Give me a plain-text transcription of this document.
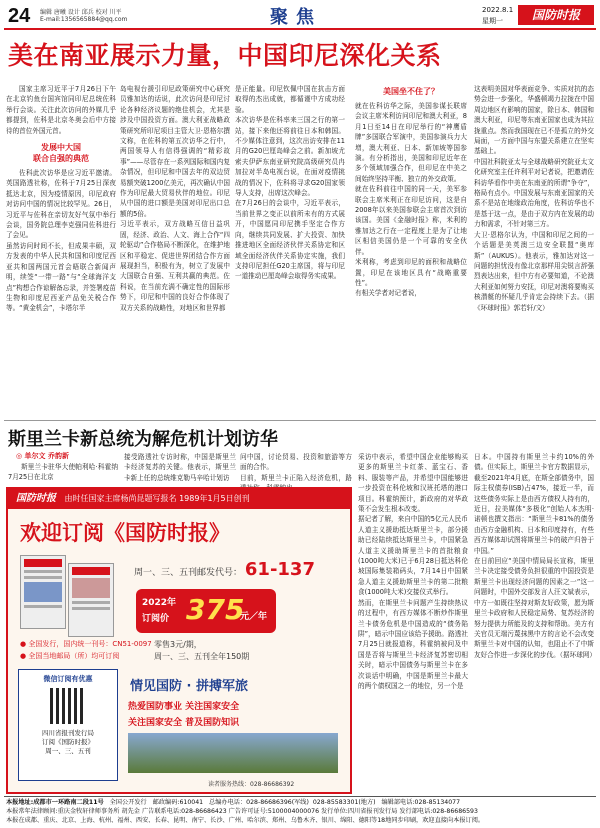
24 编辑 唐曦 设计 邱兵 校对 川平
E-mail:1356565884@qq.com	聚焦	2022.8.1
星期一	国防时报
美在南亚展示力量，中国印尼深化关系

国家主席习近平于7月26日下午在北京钓鱼台国宾馆同印尼总统佐科举行会谈。关注此次访问的外媒几乎都提到，佐科是北京冬奥会后中方接待的首位外国元首。

发展中大国
联合自强的典范

佐科此次访华是应习近平邀请。英国路透社称，佐科于7月25日深夜抵达北京，因为疫情原因，印尼政府对访问中国的情况比较罕见。26日，习近平与佐科在亲切友好气氛中举行会谈，国务院总理李克强同佐科进行了会见。
虽然访问时间不长，但成果丰硕，双方发表的中华人民共和国和印度尼西亚共和国两国元首会晤联合新闻声明，续签“一带一路”与“全球海洋支点”构想合作谅解备忘录，并签署疫苗生物和印度尼西亚产品免关税合作等。“黄金机会”，卡塔尔半

岛电视台援引印尼政策研究中心研究员雅加达的话说，此次访问是印尼讨论各种经济议题的绝佳机会，尤其是涉及中国投资方面。澳大利亚战略政策研究所印尼项目主管大卫·恩格尔撰文称，在佐科的第五次访华之行中，两国领导人有信得强调的“精彩故事”——尽管存在一系列国际和国内复杂情况，但印尼和中国去年的双边贸易额突破1200亿美元，再次确认中国作为印尼最大贸易伙伴的地位。印尼从中国的进口额是美国对印尼出口总额的5倍。
习近平表示，双方战略互信日益巩固，经济、政治、人文、海上合作“四轮驱动”合作格局不断深化，在维护地区和平稳定、促进世界团结合作方面展现担当，积极有为，树立了发展中大国联合自强、互利共赢的典范。佐科说，在当前充满不确定性的国际形势下，印尼和中国的良好合作体现了双方关系的战略性，对地区和世界都

是正能量。印尼钦佩中国在抗击方面取得的杰出成就，都循谨中方成功经验。
本次访华是佐科率来三国之行的第一站，接下来他还将前往日本和韩国。不少媒体注意到，这次出访安排在11月的G20巴厘岛峰会之前。新加坡尤索夫伊萨东南亚研究院高级研究员冉加拉对半岛电视台说，在面对疫情挑战的情况下，佐科将寻求G20国家领导人支持，出席这次峰会。
在7月26日的会谈中，习近平表示，当前世界之变正以前所未有的方式展开，中国愿同印尼携手坚定合作方向，继续共同发展、扩大投资、加快推进地区全面经济伙伴关系协定和区域全面经济伙伴关系协定实施，我们支持印尼担任G20主席国，将与印尼一道推动巴厘岛峰会取得务实成果。

美国坐不住了？

就在佐科访华之际，美国参谋长联席会议主席米利访问印尼和澳大利亚，8月1日至14日在印尼举行的“神鹰盾牌”多国联合军演中，美国参演兵力大增，澳大利亚、日本、新加坡等国参演。有分析指出，美国和印尼近年在多个领域加强合作，但印尼在中美之间始终坚持平衡、独立的外交政策。
就在佐科前往中国的同一天，美军参联会主席米利正在印尼访问，这是自2008年以来美国参联会主席首次到访该国。美国《金融时报》称，米利的雅加达之行在一定程度上是为了让地区相信美国仍是一个可靠的安全伙伴。
米利称，考虑到印尼的面积和战略位置，印尼在该地区具有“战略重要性”。
有相关学者对记者说，

这表明美国对华表面竞争、实质对抗的态势会进一步强化，华盛顿竭力拉拢在中国周边地区有影响的国家，除日本、韩国和澳大利亚，印尼等东南亚国家也成为其拉拢重点。然而我国现在已不是孤立的外交局面，一方面中国与东盟关系建立在坚实基础上。
中国社科院亚太与全球战略研究院亚太文化研究室主任许利平对记者说，把邀请佐科访华看作中美在东南亚的所谓“争夺”，格局有点小。中国发展与东南亚国家的关系不是站在地缘政治角度，佐科访华也不是基于这一点，是由于双方内在发展的动力和需求，不针对第三方。
大卫·恩格尔认为，中国和印尼之间的一个话题是美英澳三边安全联盟“奥库斯”（AUKUS）。他表示，雅加达对这一问题的担忧没有像北京那样用尖锐言辞强烈表达出来，但中方有必要知道，不论澳大利亚如何努力安抚，印尼对澳将要购买核潜艇的怀疑几乎肯定会持续下去。（据《环球时报》郭若轩/文）

斯里兰卡新总统为解危机计划访华
◎ 单尔文 乔韵新

斯里兰卡驻华大使帕利哈·科霍纳7月25日在北京

接受路透社专访时称，中国是斯里兰卡经济复苏的关键。他表示，斯里兰卡新上任的总统维克勒马辛哈计划访

问中国，讨论贸易、投资和旅游等方面的合作。
目前，斯里兰卡正陷入经济危机，路

采访中表示，希望中国企业能够购买更多的斯里兰卡红茶、蓝宝石、香料、服装等产品，并希望中国能够进一步投资在科伦坡和汉班托塔的港口项目。科霍纳预计，新政府的对华政策不会发生根本改变。
据记者了解，来自中国的5亿元人民币人道主义援助抵达斯里兰卡，部分援助已经陆续抵达斯里兰卡，中国紧急人道主义援助斯里兰卡的首批粮食(1000吨大米)已于6月28日抵达科伦坡国际集装箱码头，7月14日中国紧急人道主义援助斯里兰卡的第二批粮食(1000吨大米)交接仪式举行。
然而，在斯里兰卡问题产生持续热议的过程中，有西方媒体不断炒作斯里兰卡债务危机是中国造成的“债务陷阱”，暗示中国应该给予援助。路透社7月25日就报道称，科霍纳被问及中国是否将与斯里兰卡经济复苏密切相关时，暗示中国债务与斯里兰卡在多次谈话中明确，中国是斯里兰卡最大的两个债权国之一的地位，另一个是

日本。中国持有斯里兰卡约10%的外债。但实际上，斯里兰卡官方数据显示，截至2021年4月底，在斯全部债务中，国际主权债券(ISB)占47%，接近一半，而这些债务实际上是由西方债权人持有的，近日，拉美媒体“多极化”创始人本杰明·诺顿也撰文指出：“斯里兰卡81%的债务由西方金融机构、日本和印度持有，有些西方媒体却试图将斯里兰卡的破产归咎于中国。”
在日前回应“美国中情局局长宣称，斯里兰卡决定接受债务负担很重的中国投资是斯里兰卡出现经济问题的因素之一”这一问题时，中国外交部发言人汪文斌表示，中方一如既往坚持对斯友好政策，愿为斯里兰卡政府和人民稳定局势、复苏经济的努力提供力所能及的支持和帮助。美方有关官员无端污蔑抹黑中方的言论不会改变斯里兰卡对中国的认知，也阻止不了中斯友好合作进一步深化的步伐。（据环球网）

国防时报 由时任国家主席杨尚昆题写报名 1989年1月5日创刊
欢迎订阅《国防时报》
周一、三、五刊邮发代号： 61-137
2022年
订阅价 375
元／年
零售3元/期，
周一、三、五刊全年150期
● 全国发行，国内统一刊号：CN51-0097
● 全国当地邮局（所）均可订阅
微信订阅有优惠
四川省报刊发行局
订阅《国防时报》
周一、三、五刊
情见国防 · 拼搏军旅
热爱国防事业 关注国家安全
关注国家安全 普及国防知识
读者服务热线：028-86686392
本报地址:成都市一环路南二段11号 全国公开发行 邮政编码:610041 总编办电话：028-86686396(军线) 028-85583301(地方) 编辑部电话:028-85134077
本报常年法律顾问:重庆金牧轩律师事务所 胡先金 广告联系电话:028-86686423 广告许可证号:5100004000076 发行单位:四川省报刊发行局 发行部电话:028-86686593
本报在成都、重庆、北京、上海、杭州、福州、西安、长春、昆明、南宁、长沙、广州、哈尔滨、郑州、乌鲁木齐、银川、绵阳、德阳等18地同步印刷，欢迎直接向本报订阅。
